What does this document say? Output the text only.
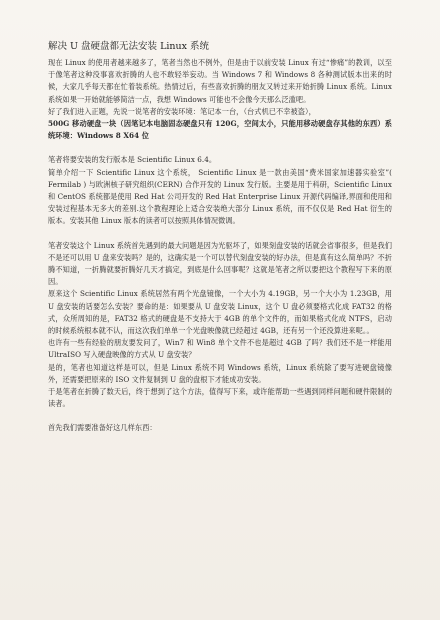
解决 U 盘硬盘都无法安装 Linux 系统

现在 Linux 的使用者越来越多了，笔者当然也不例外，但是由于以前安装 Linux 有过“惨痛”的教训，以至于像笔者这种没事喜欢折腾的人也不敢轻举妄动。当 Windows 7 和 Windows 8 各种测试版本出来的时候，大家几乎每天都在忙着装系统。热情过后，有些喜欢折腾的朋友又转过来开始折腾 Linux 系统。Linux 系统如果一开始就能够简洁一点，我想 Windows 可能也不会像今天那么泛滥吧。

好了我们进入正题，先说一说笔者的安装环境：笔记本一台，（台式机已不幸被盗），

500G 移动硬盘一块（因笔记本电脑固态硬盘只有 120G，空间太小，只能用移动硬盘存其他的东西）系统环境：Windows 8 X64 位

笔者将要安装的发行版本是 Scientific Linux 6.4。

简单介绍一下 Scientific Linux 这个系统， Scientific Linux 是一款由美国“费米国家加速器实验室”( Fermilab ) 与欧洲核子研究组织(CERN) 合作开发的 Linux 发行版。主要是用于科研，Scientific Linux 和 CentOS 系统都是使用 Red Hat 公司开发的 Red Hat Enterprise Linux 开源代码编译,界面和使用和安装过程基本无多大的差别.这个教程理论上适合安装绝大部分 Linux 系统，而不仅仅是 Red Hat 衍生的版本。安装其他 Linux 版本的读者可以按照具体情况微调。

笔者安装这个 Linux 系统首先遇到的最大问题是因为光驱坏了，如果刻盘安装的话就会省事很多，但是我们不是还可以用 U 盘来安装吗？是的，这确实是一个可以替代刻盘安装的好办法，但是真有这么简单吗？不折腾不知道，一折腾就要折腾好几天才搞定，到底是什么回事呢？这就是笔者之所以要把这个教程写下来的原因。

原来这个 Scientific Linux 系统居然有两个光盘镜像，一个大小为 4.19GB，另一个大小为 1.23GB，用 U 盘安装的话要怎么安装？要命的是：如果要从 U 盘安装 Linux，这个 U 盘必须要格式化成 FAT32 的格式，众所周知的是，FAT32 格式的硬盘是不支持大于 4GB 的单个文件的，而如果格式化成 NTFS，启动的时候系统根本就不认，而这次我们单单一个光盘映像就已经超过 4GB，还有另一个还没算进来呢。。

也许有一些有经验的朋友要发问了，Win7 和 Win8 单个文件不也是超过 4GB 了吗？我们还不是一样能用 UltraISO 写入硬盘映像的方式从 U 盘安装？

是的，笔者也知道这样是可以，但是 Linux 系统不同 Windows 系统，Linux 系统除了要写进硬盘镜像外，还需要把原来的 ISO 文件复制到 U 盘的盘根下才能成功安装。

于是笔者在折腾了数天后，终于想到了这个方法，值得写下来，或许能帮助一些遇到同样问题和硬件限制的读者。

首先我们需要准备好这几样东西：
